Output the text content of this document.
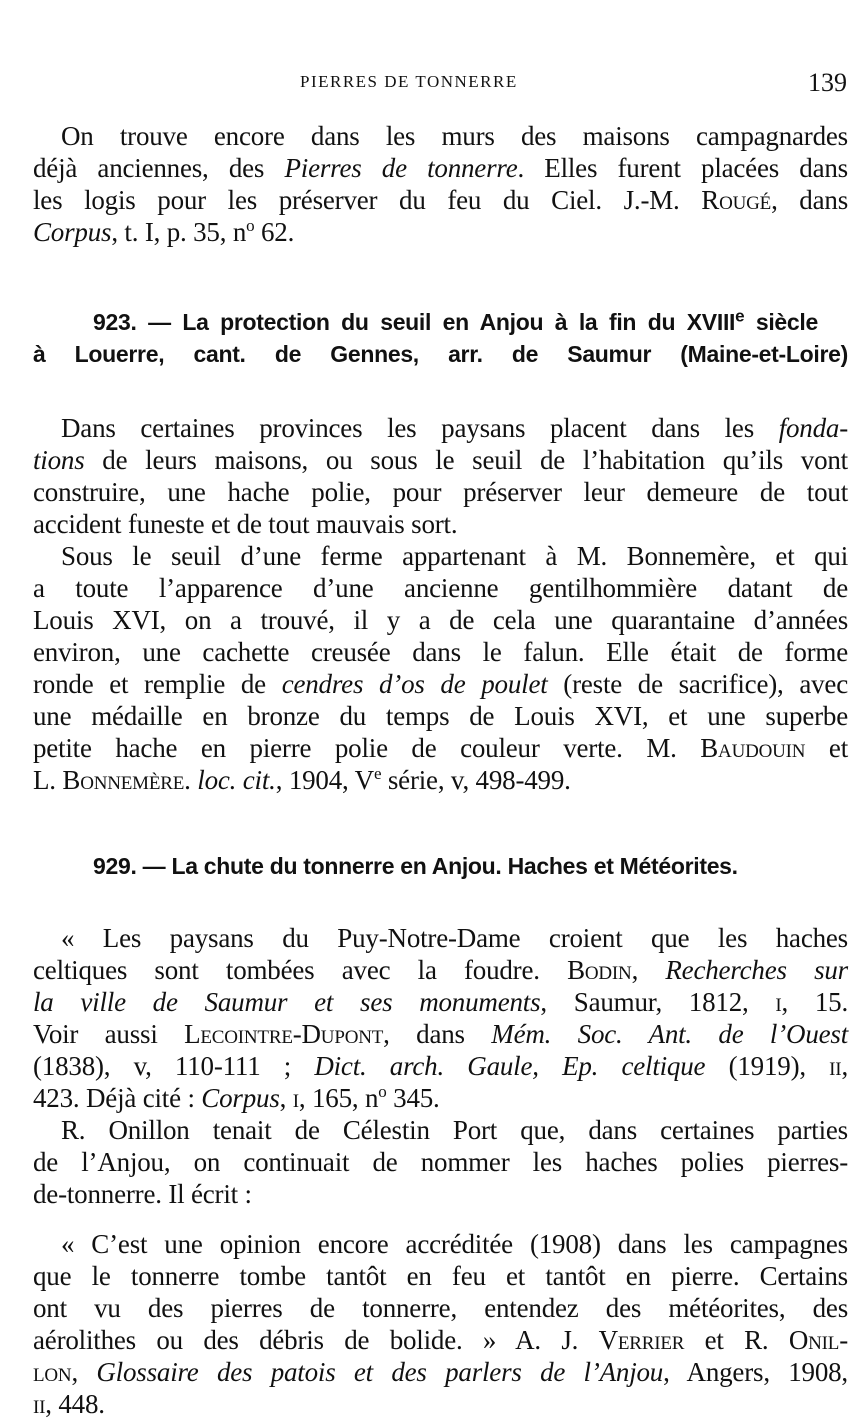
PIERRES DE TONNERRE	139
On trouve encore dans les murs des maisons campagnardes
déjà anciennes, des Pierres de tonnerre. Elles furent placées dans
les logis pour les préserver du feu du Ciel. J.-M. Rougé, dans
Corpus, t. I, p. 35, $n^o$ 62.
923. — La protection du seuil en Anjou à la fin du XVIIIe siècle
à Louerre, cant. de Gennes, arr. de Saumur (Maine-et-Loire)
Dans certaines provinces les paysans placent dans les fonda-
tions de leurs maisons, ou sous le seuil de l’habitation qu’ils vont
construire, une hache polie, pour préserver leur demeure de tout
accident funeste et de tout mauvais sort.
Sous le seuil d’une ferme appartenant à M. Bonnemère, et qui
a toute l’apparence d’une ancienne gentilhommière datant de
Louis XVI, on a trouvé, il y a de cela une quarantaine d’années
environ, une cachette creusée dans le falun. Elle était de forme
ronde et remplie de cendres d’os de poulet (reste de sacrifice), avec
une médaille en bronze du temps de Louis XVI, et une superbe
petite hache en pierre polie de couleur verte. M. Baudouin et
L. Bonnemère. loc. cit., 1904, Ve série, v, 498-499.
929. — La chute du tonnerre en Anjou. Haches et Météorites.
« Les paysans du Puy-Notre-Dame croient que les haches
celtiques sont tombées avec la foudre. Bodin, Recherches sur
la ville de Saumur et ses monuments, Saumur, 1812, i, 15.
Voir aussi Lecointre-Dupont, dans Mém. Soc. Ant. de l’Ouest
(1838), v, 110-111 ; Dict. arch. Gaule, Ep. celtique (1919), ii,
423. Déjà cité : Corpus, i, 165, $n^o$ 345.
R. Onillon tenait de Célestin Port que, dans certaines parties
de l’Anjou, on continuait de nommer les haches polies pierres-
de-tonnerre. Il écrit :
« C’est une opinion encore accréditée (1908) dans les campagnes
que le tonnerre tombe tantôt en feu et tantôt en pierre. Certains
ont vu des pierres de tonnerre, entendez des météorites, des
aérolithes ou des débris de bolide. » A. J. Verrier et R. Onil-
lon, Glossaire des patois et des parlers de l’Anjou, Angers, 1908,
ii, 448.
